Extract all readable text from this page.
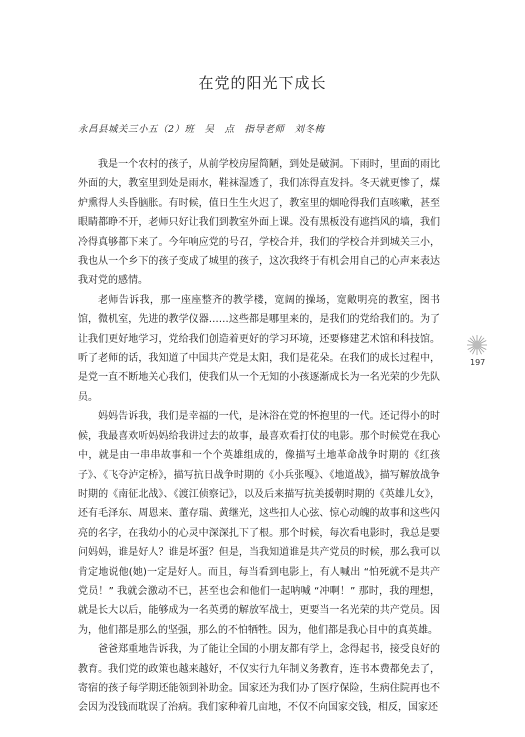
在党的阳光下成长
永昌县城关三小五（2）班　吴　点　指导老师　刘冬梅

我是一个农村的孩子，从前学校房屋简陋，到处是破洞。下雨时，里面的雨比外面的大，教室里到处是雨水，鞋袜湿透了，我们冻得直发抖。冬天就更惨了，煤炉熏得人头昏脑胀。有时候，值日生生火迟了，教室里的烟呛得我们直咳嗽，甚至眼睛都睁不开，老师只好让我们到教室外面上课。没有黑板没有遮挡风的墙，我们冷得真够都下来了。今年响应党的号召，学校合并，我们的学校合并到城关三小，我也从一个乡下的孩子变成了城里的孩子，这次我终于有机会用自己的心声来表达我对党的感情。

老师告诉我，那一座座整齐的教学楼，宽阔的操场，宽敞明亮的教室，图书馆，微机室，先进的教学仪器……这些都是哪里来的，是我们的党给我们的。为了让我们更好地学习，党给我们创造着更好的学习环境，还要修建艺术馆和科技馆。听了老师的话，我知道了中国共产党是太阳，我们是花朵。在我们的成长过程中，是党一直不断地关心我们，使我们从一个无知的小孩逐渐成长为一名光荣的少先队员。

妈妈告诉我，我们是幸福的一代，是沐浴在党的怀抱里的一代。还记得小的时候，我最喜欢听妈妈给我讲过去的故事，最喜欢看打仗的电影。那个时候党在我心中，就是由一串串故事和一个个英雄组成的，像描写土地革命战争时期的《红孩子》、《飞夺泸定桥》，描写抗日战争时期的《小兵张嘎》、《地道战》，描写解放战争时期的《南征北战》、《渡江侦察记》，以及后来描写抗美援朝时期的《英雄儿女》，还有毛泽东、周恩来、董存瑞、黄继光，这些扣人心弦、惊心动魄的故事和这些闪亮的名字，在我幼小的心灵中深深扎下了根。那个时候，每次看电影时，我总是要问妈妈，谁是好人？谁是坏蛋？但是，当我知道谁是共产党员的时候，那么我可以肯定地说他(她)一定是好人。而且，每当看到电影上，有人喊出 “怕死就不是共产党员！” 我就会激动不已，甚至也会和他们一起呐喊 “冲啊！” 那时，我的理想，就是长大以后，能够成为一名英勇的解放军战士，更要当一名光荣的共产党员。因为，他们都是那么的坚强，那么的不怕牺牲。因为，他们都是我心目中的真英雄。

爸爸郑重地告诉我，为了能让全国的小朋友都有学上，念得起书，接受良好的教育。我们党的政策也越来越好，不仅实行九年制义务教育，连书本费都免去了，寄宿的孩子每学期还能领到补助金。国家还为我们办了医疗保险，生病住院再也不会因为没钱而耽误了治病。我们家种着几亩地，不仅不向国家交钱，相反，国家还

197
